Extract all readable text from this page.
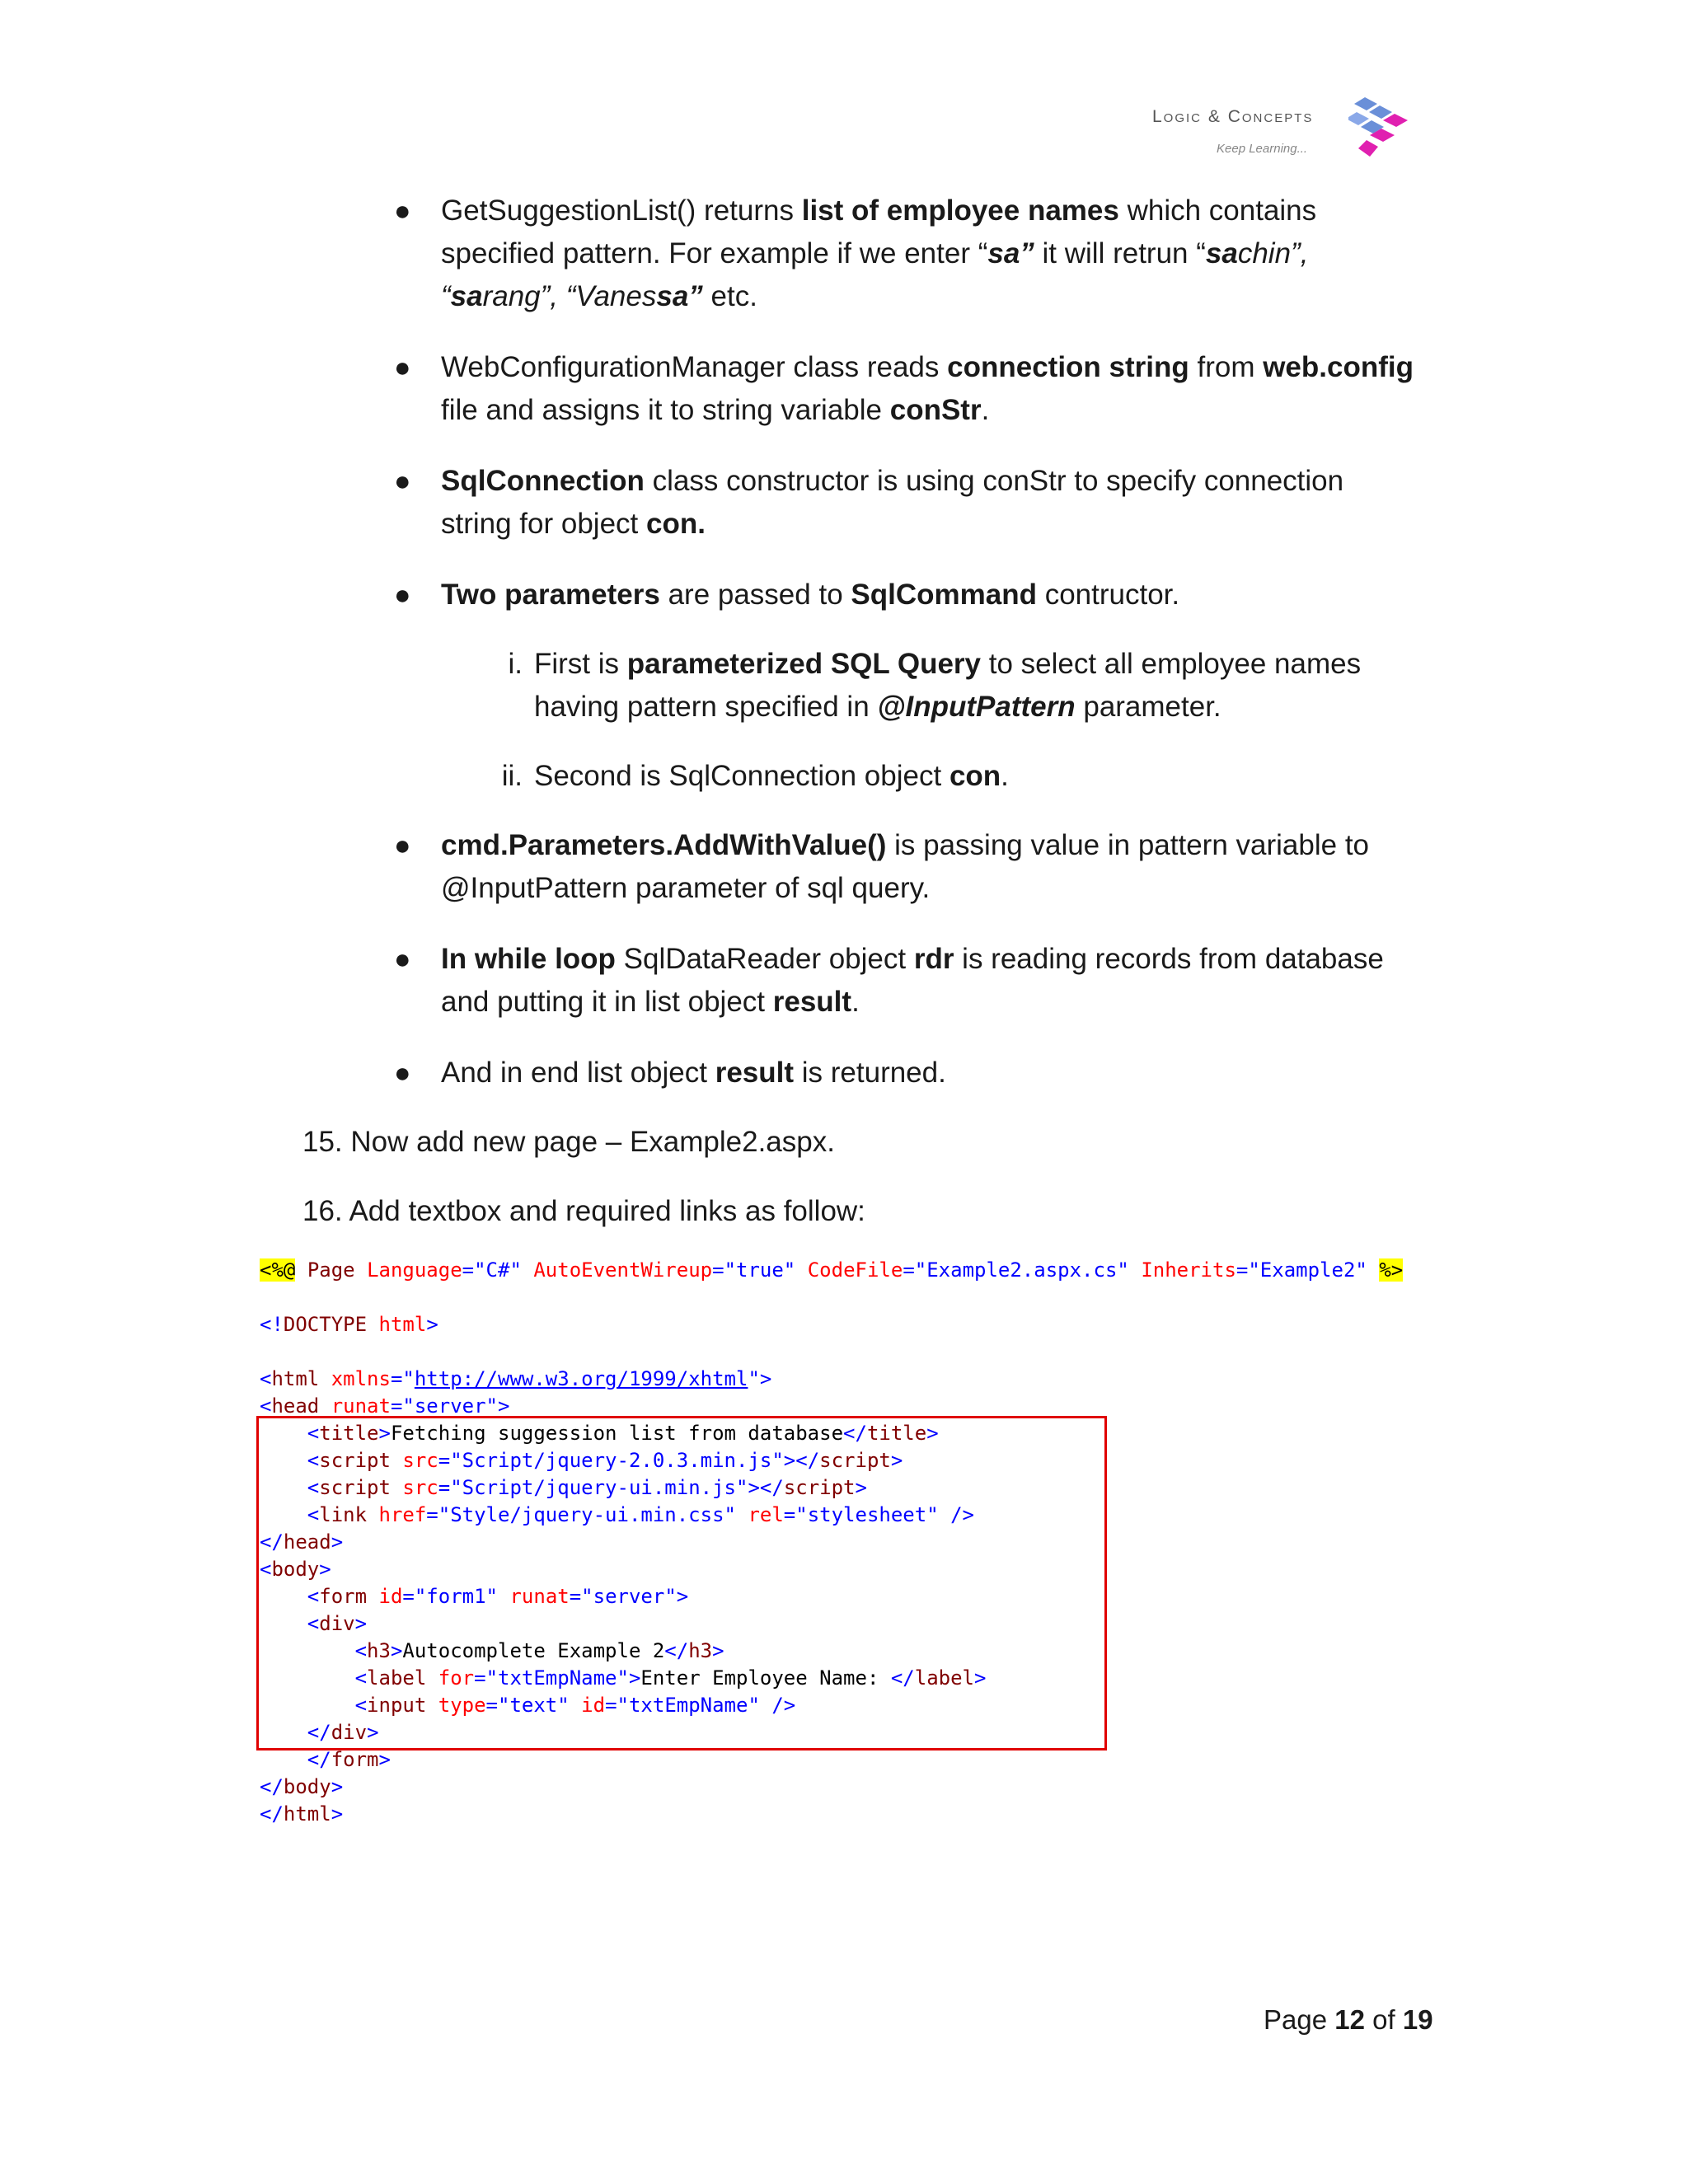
Logic & Concepts
Keep Learning...
● GetSuggestionList() returns list of employee names which contains specified pattern. For example if we enter “sa” it will retrun “sachin”, “sarang”, “Vanessa” etc.
● WebConfigurationManager class reads connection string from web.config file and assigns it to string variable conStr.
● SqlConnection class constructor is using conStr to specify connection string for object con.
● Two parameters are passed to SqlCommand contructor.
i. First is parameterized SQL Query to select all employee names having pattern specified in @InputPattern parameter.
ii. Second is SqlConnection object con.
● cmd.Parameters.AddWithValue() is passing value in pattern variable to @InputPattern parameter of sql query.
● In while loop SqlDataReader object rdr is reading records from database and putting it in list object result.
● And in end list object result is returned.
15. Now add new page – Example2.aspx.
16. Add textbox and required links as follow:
<%@ Page Language="C#" AutoEventWireup="true" CodeFile="Example2.aspx.cs" Inherits="Example2" %>
<!DOCTYPE html>
<html xmlns="http://www.w3.org/1999/xhtml">
<head runat="server">
<title>Fetching suggession list from database</title>
<script src="Script/jquery-2.0.3.min.js"></script>
<script src="Script/jquery-ui.min.js"></script>
<link href="Style/jquery-ui.min.css" rel="stylesheet" />
</head>
<body>
<form id="form1" runat="server">
<div>
<h3>Autocomplete Example 2</h3>
<label for="txtEmpName">Enter Employee Name: </label>
<input type="text" id="txtEmpName" />
</div>
</form>
</body>
</html>
Page 12 of 19
